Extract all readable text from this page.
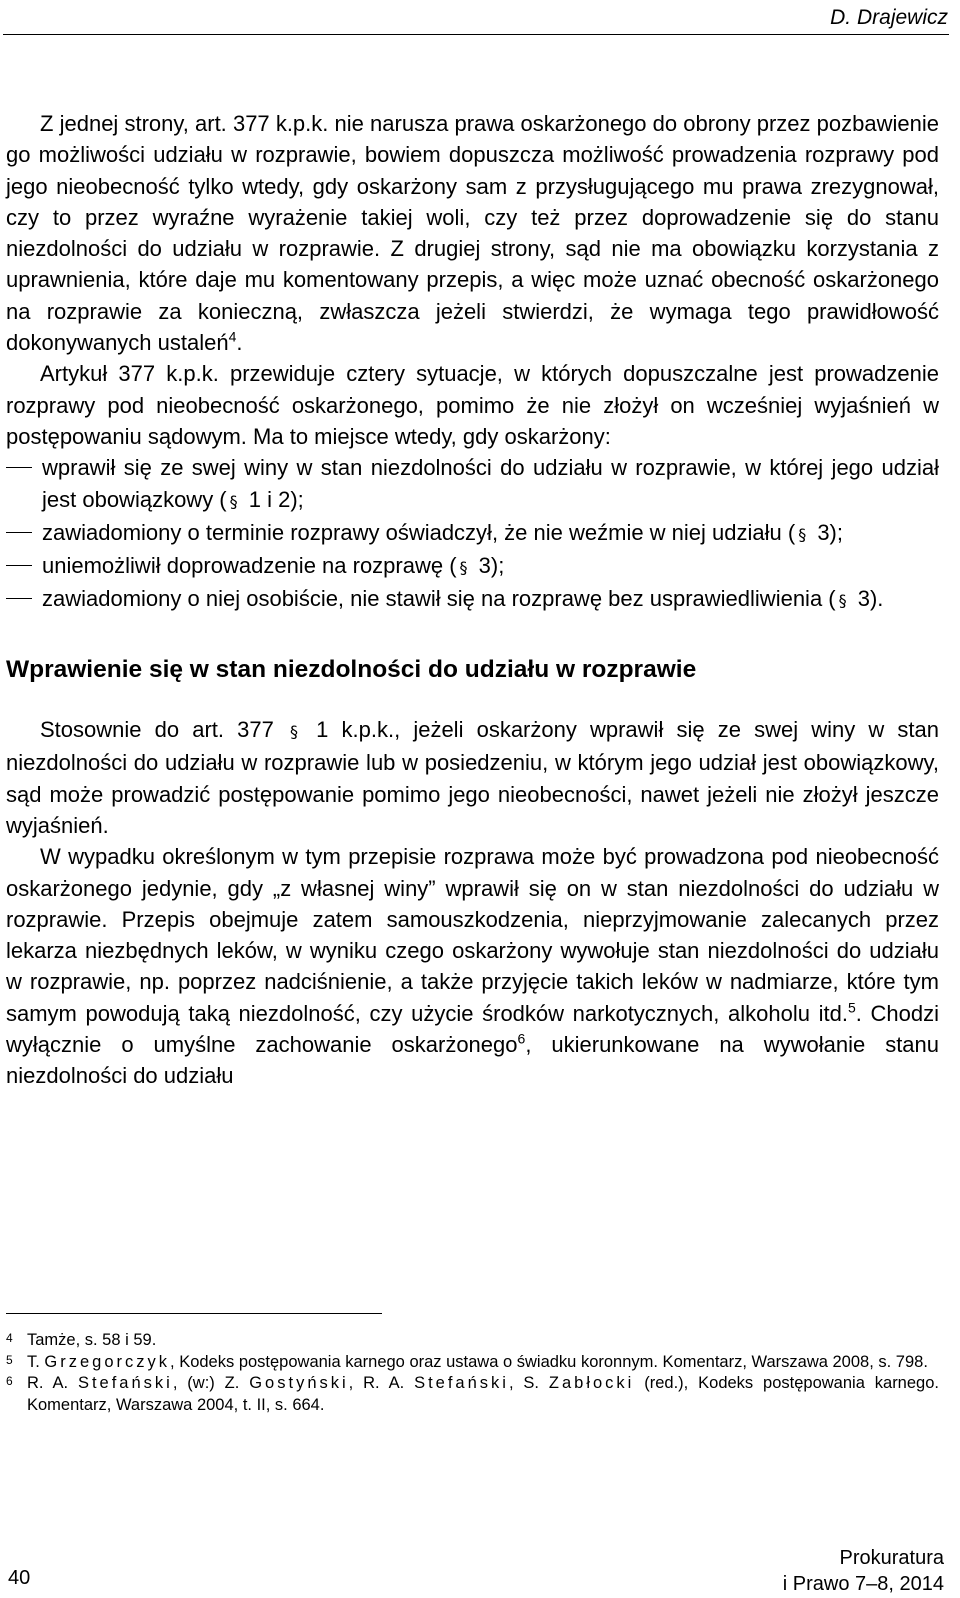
D. Drajewicz

Z jednej strony, art. 377 k.p.k. nie narusza prawa oskarżonego do obrony przez pozbawienie go możliwości udziału w rozprawie, bowiem dopuszcza możliwość prowadzenia rozprawy pod jego nieobecność tylko wtedy, gdy oskarżony sam z przysługującego mu prawa zrezygnował, czy to przez wyraźne wyrażenie takiej woli, czy też przez doprowadzenie się do stanu niezdolności do udziału w rozprawie. Z drugiej strony, sąd nie ma obowiązku korzystania z uprawnienia, które daje mu komentowany przepis, a więc może uznać obecność oskarżonego na rozprawie za konieczną, zwłaszcza jeżeli stwierdzi, że wymaga tego prawidłowość dokonywanych ustaleń$^4$.

Artykuł 377 k.p.k. przewiduje cztery sytuacje, w których dopuszczalne jest prowadzenie rozprawy pod nieobecność oskarżonego, pomimo że nie złożył on wcześniej wyjaśnień w postępowaniu sądowym. Ma to miejsce wtedy, gdy oskarżony:

wprawił się ze swej winy w stan niezdolności do udziału w rozprawie, w której jego udział jest obowiązkowy ( § 1 i 2);
zawiadomiony o terminie rozprawy oświadczył, że nie weźmie w niej udziału ( § 3);
uniemożliwił doprowadzenie na rozprawę ( § 3);
zawiadomiony o niej osobiście, nie stawił się na rozprawę bez usprawiedliwienia ( § 3).
Wprawienie się w stan niezdolności do udziału w rozprawie

Stosownie do art. 377 § 1 k.p.k., jeżeli oskarżony wprawił się ze swej winy w stan niezdolności do udziału w rozprawie lub w posiedzeniu, w którym jego udział jest obowiązkowy, sąd może prowadzić postępowanie pomimo jego nieobecności, nawet jeżeli nie złożył jeszcze wyjaśnień.

W wypadku określonym w tym przepisie rozprawa może być prowadzona pod nieobecność oskarżonego jedynie, gdy „z własnej winy” wprawił się on w stan niezdolności do udziału w rozprawie. Przepis obejmuje zatem samouszkodzenia, nieprzyjmowanie zalecanych przez lekarza niezbędnych leków, w wyniku czego oskarżony wywołuje stan niezdolności do udziału w rozprawie, np. poprzez nadciśnienie, a także przyjęcie takich leków w nadmiarze, które tym samym powodują taką niezdolność, czy użycie środków narkotycznych, alkoholu itd.$^5$. Chodzi wyłącznie o umyślne zachowanie oskarżonego$^6$, ukierunkowane na wywołanie stanu niezdolności do udziału

4 Tamże, s. 58 i 59.
5 T. Grzegorczyk, Kodeks postępowania karnego oraz ustawa o świadku koronnym. Komentarz, Warszawa 2008, s. 798.
6 R. A. Stefański, (w:) Z. Gostyński, R. A. Stefański, S. Zabłocki (red.), Kodeks postępowania karnego. Komentarz, Warszawa 2004, t. II, s. 664.
40
Prokuratura
i Prawo 7–8, 2014
